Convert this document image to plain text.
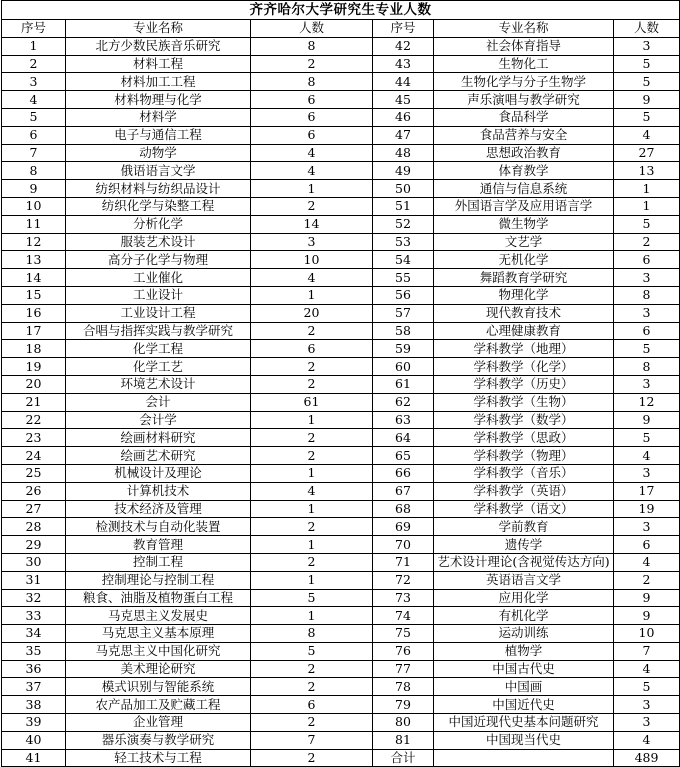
齐齐哈尔大学研究生专业人数					
序号	专业名称	人数	序号	专业名称	人数
1	北方少数民族音乐研究	8	42	社会体育指导	3
2	材料工程	2	43	生物化工	5
3	材料加工工程	8	44	生物化学与分子生物学	5
4	材料物理与化学	6	45	声乐演唱与教学研究	9
5	材料学	6	46	食品科学	5
6	电子与通信工程	6	47	食品营养与安全	4
7	动物学	4	48	思想政治教育	27
8	俄语语言文学	4	49	体育教学	13
9	纺织材料与纺织品设计	1	50	通信与信息系统	1
10	纺织化学与染整工程	2	51	外国语言学及应用语言学	1
11	分析化学	14	52	微生物学	5
12	服装艺术设计	3	53	文艺学	2
13	高分子化学与物理	10	54	无机化学	6
14	工业催化	4	55	舞蹈教育学研究	3
15	工业设计	1	56	物理化学	8
16	工业设计工程	20	57	现代教育技术	3
17	合唱与指挥实践与教学研究	2	58	心理健康教育	6
18	化学工程	6	59	学科教学（地理）	5
19	化学工艺	2	60	学科教学（化学）	8
20	环境艺术设计	2	61	学科教学（历史）	3
21	会计	61	62	学科教学（生物）	12
22	会计学	1	63	学科教学（数学）	9
23	绘画材料研究	2	64	学科教学（思政）	5
24	绘画艺术研究	2	65	学科教学（物理）	4
25	机械设计及理论	1	66	学科教学（音乐）	3
26	计算机技术	4	67	学科教学（英语）	17
27	技术经济及管理	1	68	学科教学（语文）	19
28	检测技术与自动化装置	2	69	学前教育	3
29	教育管理	1	70	遗传学	6
30	控制工程	2	71	艺术设计理论(含视觉传达方向)	4
31	控制理论与控制工程	1	72	英语语言文学	2
32	粮食、油脂及植物蛋白工程	5	73	应用化学	9
33	马克思主义发展史	1	74	有机化学	9
34	马克思主义基本原理	8	75	运动训练	10
35	马克思主义中国化研究	5	76	植物学	7
36	美术理论研究	2	77	中国古代史	4
37	模式识别与智能系统	2	78	中国画	5
38	农产品加工及贮藏工程	6	79	中国近代史	3
39	企业管理	2	80	中国近现代史基本问题研究	3
40	器乐演奏与教学研究	7	81	中国现当代史	4
41	轻工技术与工程	2	合计		489
